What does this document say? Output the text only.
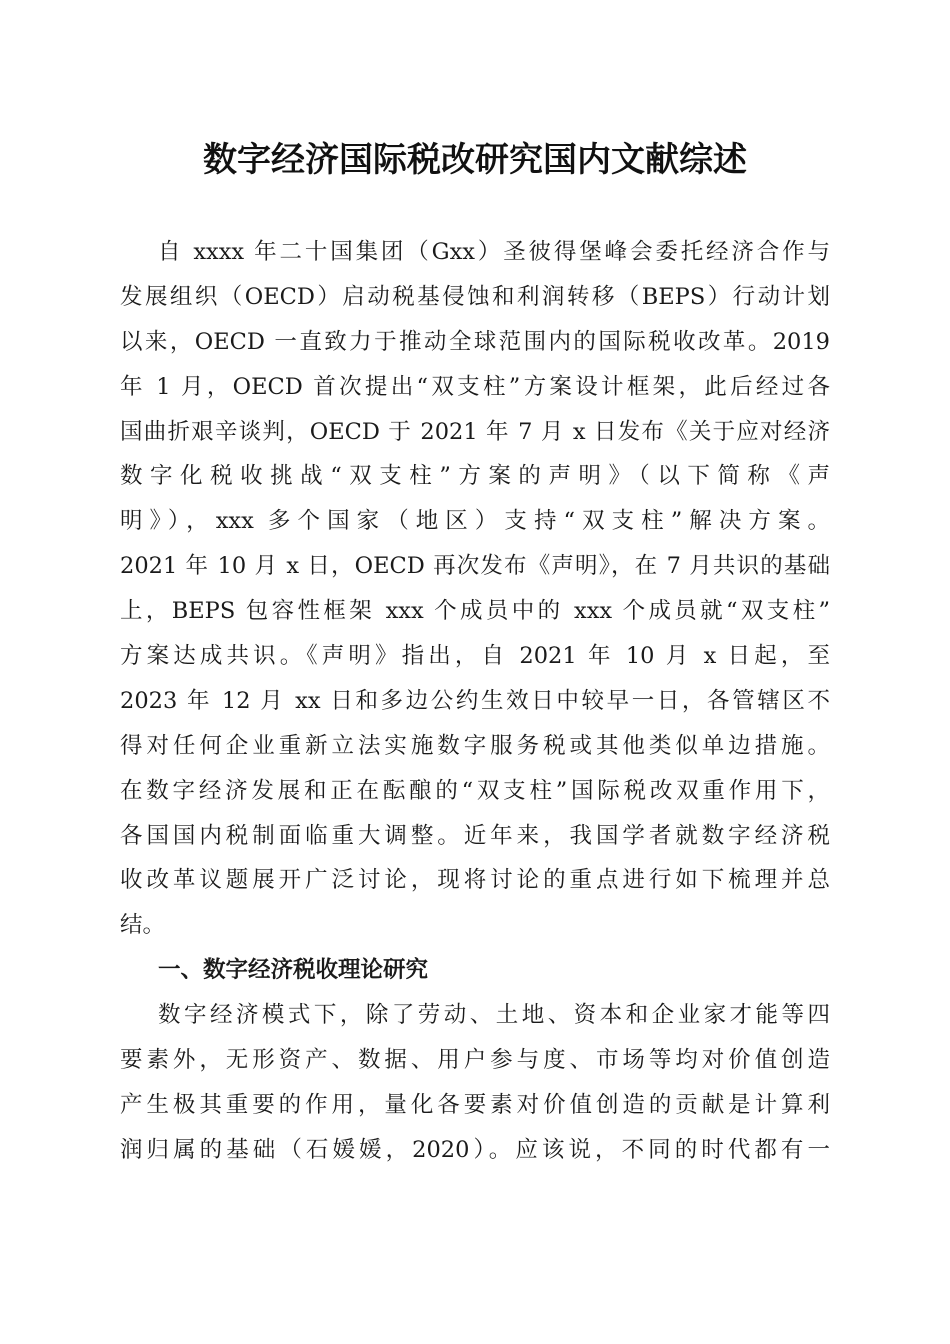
数字经济国际税改研究国内文献综述

自 xxxx 年二十国集团（Gxx）圣彼得堡峰会委托经济合作与

发展组织（OECD）启动税基侵蚀和利润转移（BEPS）行动计划

以来，OECD 一直致力于推动全球范围内的国际税收改革。2019

年 1 月，OECD 首次提出“双支柱”方案设计框架，此后经过各

国曲折艰辛谈判，OECD 于 2021 年 7 月 x 日发布《关于应对经济

数字化税收挑战“双支柱”方案的声明》（以下简称《声

明》），xxx 多个国家（地区）支持“双支柱”解决方案。

2021 年 10 月 x 日，OECD 再次发布《声明》，在 7 月共识的基础

上，BEPS 包容性框架 xxx 个成员中的 xxx 个成员就“双支柱”

方案达成共识。《声明》指出，自 2021 年 10 月 x 日起，至

2023 年 12 月 xx 日和多边公约生效日中较早一日，各管辖区不

得对任何企业重新立法实施数字服务税或其他类似单边措施。

在数字经济发展和正在酝酿的“双支柱”国际税改双重作用下，

各国国内税制面临重大调整。近年来，我国学者就数字经济税

收改革议题展开广泛讨论，现将讨论的重点进行如下梳理并总

结。

一、数字经济税收理论研究

数字经济模式下，除了劳动、土地、资本和企业家才能等四

要素外，无形资产、数据、用户参与度、市场等均对价值创造

产生极其重要的作用，量化各要素对价值创造的贡献是计算利

润归属的基础（石媛媛，2020）。应该说，不同的时代都有一
